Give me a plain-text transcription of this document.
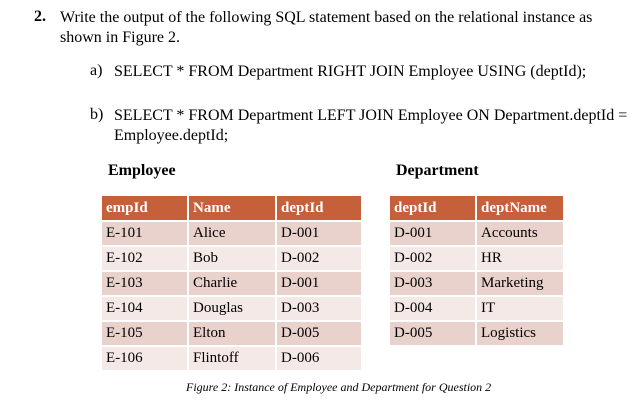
2. Write the output of the following SQL statement based on the relational instance as
shown in Figure 2.
a) SELECT * FROM Department RIGHT JOIN Employee USING (deptId);
b) SELECT * FROM Department LEFT JOIN Employee ON Department.deptId =
Employee.deptId;
Employee	Department
empId	Name	deptId
E-101	Alice	D-001
E-102	Bob	D-002
E-103	Charlie	D-001
E-104	Douglas	D-003
E-105	Elton	D-005
E-106	Flintoff	D-006
deptId	deptName
D-001	Accounts
D-002	HR
D-003	Marketing
D-004	IT
D-005	Logistics
Figure 2: Instance of Employee and Department for Question 2
